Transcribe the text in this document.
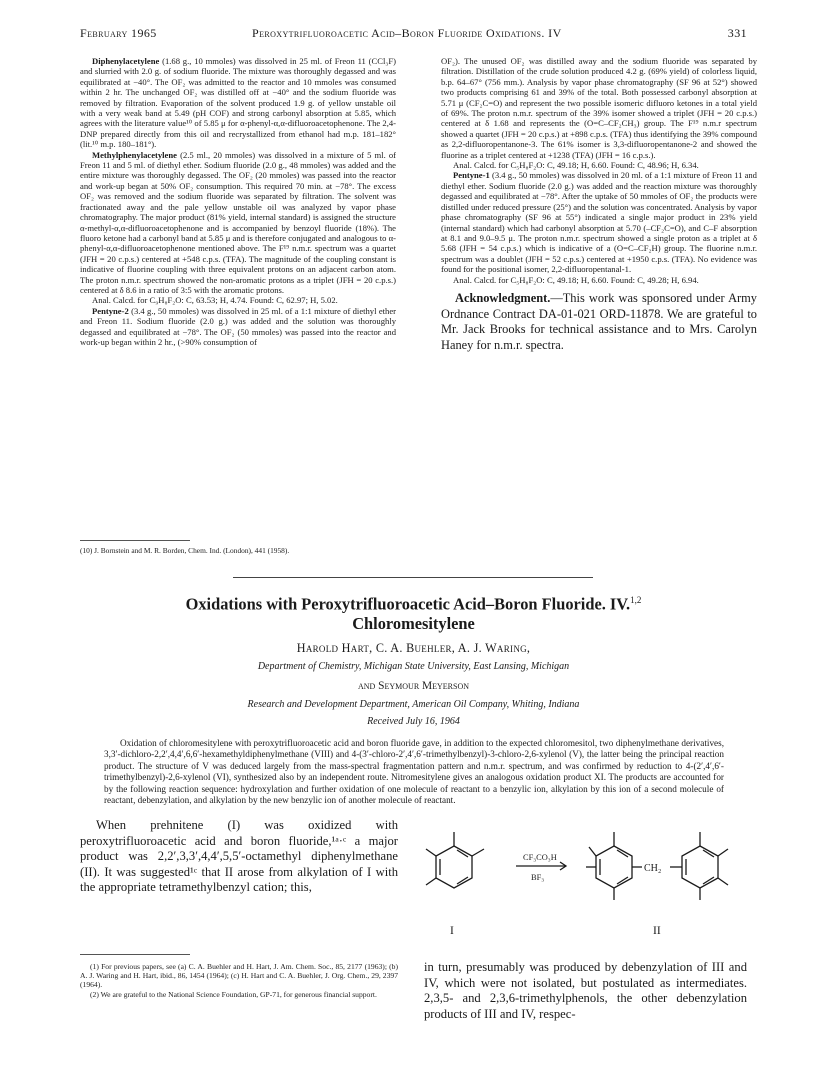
February 1965	Peroxytrifluoroacetic Acid–Boron Fluoride Oxidations. IV	331

Diphenylacetylene (1.68 g., 10 mmoles) was dissolved in 25 ml. of Freon 11 (CCl₃F) and slurried with 2.0 g. of sodium fluoride. The mixture was thoroughly degassed and was equilibrated at −40°. The OF₂ was admitted to the reactor and 10 mmoles was consumed within 2 hr. The unchanged OF₂ was distilled off at −40° and the sodium fluoride was removed by filtration. Evaporation of the solvent produced 1.9 g. of yellow unstable oil with a very weak band at 5.49 (pH COF) and strong carbonyl absorption at 5.85, which agrees with the literature value¹⁰ of 5.85 μ for α-phenyl-α,α-difluoroacetophenone. The 2,4-DNP prepared directly from this oil and recrystallized from ethanol had m.p. 181–182° (lit.¹⁰ m.p. 180–181°).

Methylphenylacetylene (2.5 ml., 20 mmoles) was dissolved in a mixture of 5 ml. of Freon 11 and 5 ml. of diethyl ether. Sodium fluoride (2.0 g., 48 mmoles) was added and the entire mixture was thoroughly degassed. The OF₂ (20 mmoles) was passed into the reactor and work-up began at 50% OF₂ consumption. This required 70 min. at −78°. The excess OF₂ was removed and the sodium fluoride was separated by filtration. The solvent was fractionated away and the pale yellow unstable oil was analyzed by vapor phase chromatography. The major product (81% yield, internal standard) is assigned the structure α-methyl-α,α-difluoroacetophenone and is accompanied by benzoyl fluoride (18%). The fluoro ketone had a carbonyl band at 5.85 μ and is therefore conjugated and analogous to α-phenyl-α,α-difluoroacetophenone mentioned above. The F¹⁹ n.m.r. spectrum was a quartet (JFH = 20 c.p.s.) centered at +548 c.p.s. (TFA). The magnitude of the coupling constant is indicative of fluorine coupling with three equivalent protons on an adjacent carbon atom. The proton n.m.r. spectrum showed the non-aromatic protons as a triplet (JFH = 20 c.p.s.) centered at δ 8.6 in a ratio of 3:5 with the aromatic protons.

Anal. Calcd. for C₉H₈F₂O: C, 63.53; H, 4.74. Found: C, 62.97; H, 5.02.

Pentyne-2 (3.4 g., 50 mmoles) was dissolved in 25 ml. of a 1:1 mixture of diethyl ether and Freon 11. Sodium fluoride (2.0 g.) was added and the solution was thoroughly degassed and equilibrated at −78°. The OF₂ (50 mmoles) was passed into the reactor and work-up began within 2 hr., (>90% consumption of

(10) J. Bornstein and M. R. Borden, Chem. Ind. (London), 441 (1958).

OF₂). The unused OF₂ was distilled away and the sodium fluoride was separated by filtration. Distillation of the crude solution produced 4.2 g. (69% yield) of colorless liquid, b.p. 64–67° (756 mm.). Analysis by vapor phase chromatography (SF 96 at 52°) showed two products comprising 61 and 39% of the total. Both possessed carbonyl absorption at 5.71 μ (CF₂C=O) and represent the two possible isomeric difluoro ketones in a total yield of 69%. The proton n.m.r. spectrum of the 39% isomer showed a triplet (JFH = 20 c.p.s.) centered at δ 1.68 and represents the (O=C–CF₂CH₃) group. The F¹⁹ n.m.r spectrum showed a quartet (JFH = 20 c.p.s.) at +898 c.p.s. (TFA) thus identifying the 39% compound as 2,2-difluoropentanone-3. The 61% isomer is 3,3-difluoropentanone-2 and showed the fluorine as a triplet centered at +1238 (TFA) (JFH = 16 c.p.s.).

Anal. Calcd. for C₅H₈F₂O: C, 49.18; H, 6.60. Found: C, 48.96; H, 6.34.

Pentyne-1 (3.4 g., 50 mmoles) was dissolved in 20 ml. of a 1:1 mixture of Freon 11 and diethyl ether. Sodium fluoride (2.0 g.) was added and the reaction mixture was thoroughly degassed and equilibrated at −78°. After the uptake of 50 mmoles of OF₂ the products were distilled under reduced pressure (25°) and the solution was concentrated. Analysis by vapor phase chromatography (SF 96 at 55°) indicated a single major product in 23% yield (internal standard) which had carbonyl absorption at 5.70 (–CF₂C=O), and C–F absorption at 8.1 and 9.0–9.5 μ. The proton n.m.r. spectrum showed a single proton as a triplet at δ 5.68 (JFH = 54 c.p.s.) which is indicative of a (O=C–CF₂H) group. The fluorine n.m.r. spectrum was a doublet (JFH = 52 c.p.s.) centered at +1950 c.p.s. (TFA). No evidence was found for the positional isomer, 2,2-difluoropentanal-1.

Anal. Calcd. for C₅H₈F₂O: C, 49.18; H, 6.60. Found: C, 49.28; H, 6.94.

Acknowledgment.—This work was sponsored under Army Ordnance Contract DA-01-021 ORD-11878. We are grateful to Mr. Jack Brooks for technical assistance and to Mrs. Carolyn Haney for n.m.r. spectra.

Oxidations with Peroxytrifluoroacetic Acid–Boron Fluoride. IV.$^{1,2}$
Chloromesitylene
Harold Hart, C. A. Buehler, A. J. Waring,
Department of Chemistry, Michigan State University, East Lansing, Michigan
and Seymour Meyerson
Research and Development Department, American Oil Company, Whiting, Indiana
Received July 16, 1964
Oxidation of chloromesitylene with peroxytrifluoroacetic acid and boron fluoride gave, in addition to the expected chloromesitol, two diphenylmethane derivatives, 3,3′-dichloro-2,2′,4,4′,6,6′-hexamethyldiphenylmethane (VIII) and 4-(3′-chloro-2′,4′,6′-trimethylbenzyl)-3-chloro-2,6-xylenol (V), the latter being the principal reaction product. The structure of V was deduced largely from the mass-spectral fragmentation pattern and n.m.r. spectrum, and was confirmed by reduction to 4-(2′,4′,6′-trimethylbenzyl)-2,6-xylenol (VI), synthesized also by an independent route. Nitromesitylene gives an analogous oxidation product XI. The products are accounted for by the following reaction sequence: hydroxylation and further oxidation of one molecule of reactant to a benzylic ion, alkylation by this ion of a second molecule of reactant, debenzylation, and alkylation by the new benzylic ion of another molecule of reactant.
When prehnitene (I) was oxidized with peroxytrifluoroacetic acid and boron fluoride,¹ᵃ·ᶜ a major product was 2,2′,3,3′,4,4′,5,5′-octamethyl diphenylmethane (II). It was suggested¹ᶜ that II arose from alkylation of I with the appropriate tetramethylbenzyl cation; this,

(1) For previous papers, see (a) C. A. Buehler and H. Hart, J. Am. Chem. Soc., 85, 2177 (1963); (b) A. J. Waring and H. Hart, ibid., 86, 1454 (1964); (c) H. Hart and C. A. Buehler, J. Org. Chem., 29, 2397 (1964).

(2) We are grateful to the National Science Foundation, GP-71, for generous financial support.

CF₃CO₃H
BF₃
CH₂
I	II
in turn, presumably was produced by debenzylation of III and IV, which were not isolated, but postulated as intermediates. 2,3,5- and 2,3,6-trimethylphenols, the other debenzylation products of III and IV, respec-
